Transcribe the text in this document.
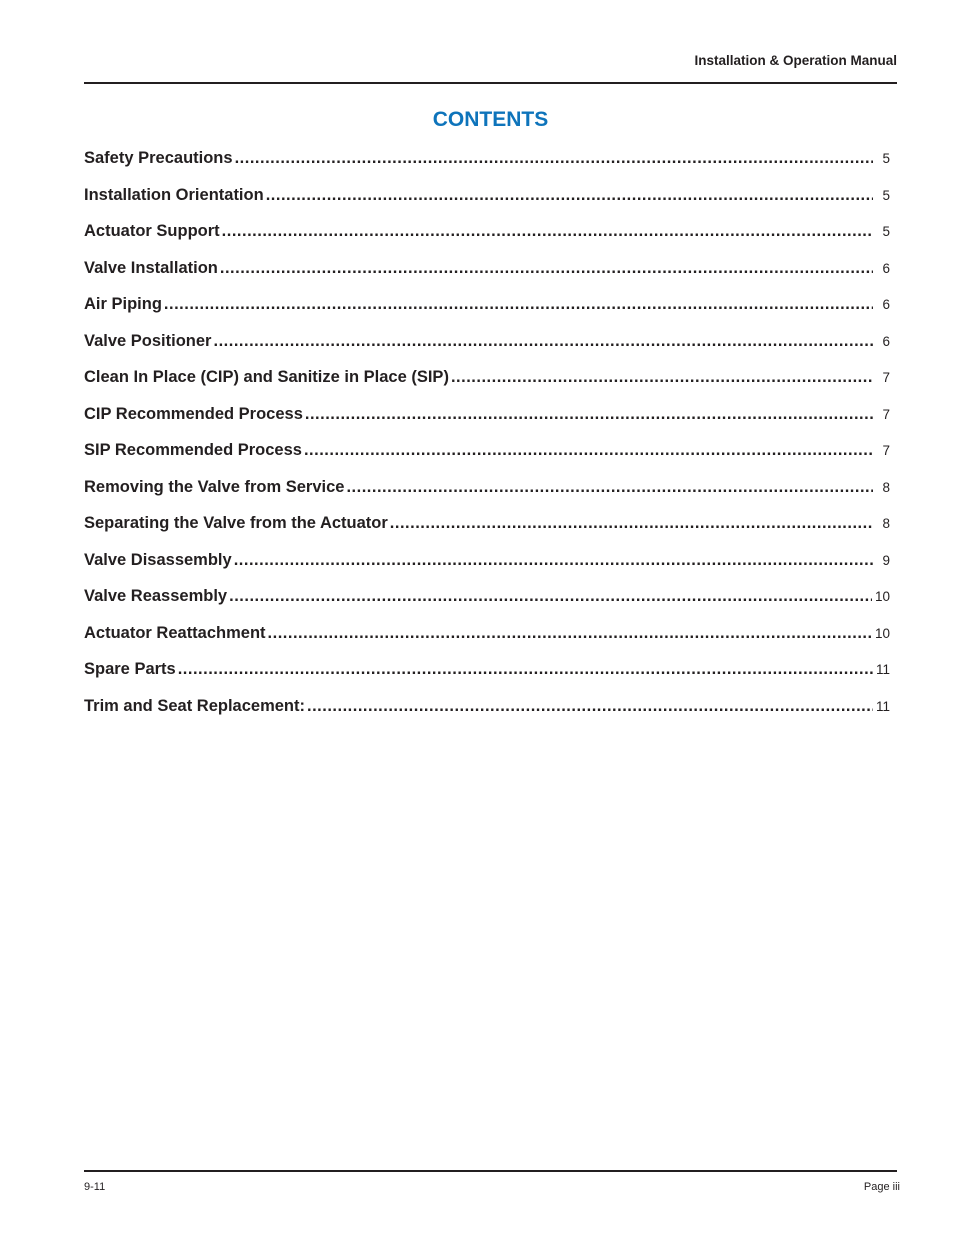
Installation & Operation Manual
CONTENTS
Safety Precautions .....	5
Installation Orientation .....	5
Actuator Support .....	5
Valve Installation .....	6
Air Piping .....	6
Valve Positioner .....	6
Clean In Place (CIP) and Sanitize in Place (SIP) .....	7
CIP Recommended Process .....	7
SIP Recommended Process .....	7
Removing the Valve from Service .....	8
Separating the Valve from the Actuator .....	8
Valve Disassembly .....	9
Valve Reassembly .....	10
Actuator Reattachment .....	10
Spare Parts .....	11
Trim and Seat Replacement: .....	11
9-11	Page iii
